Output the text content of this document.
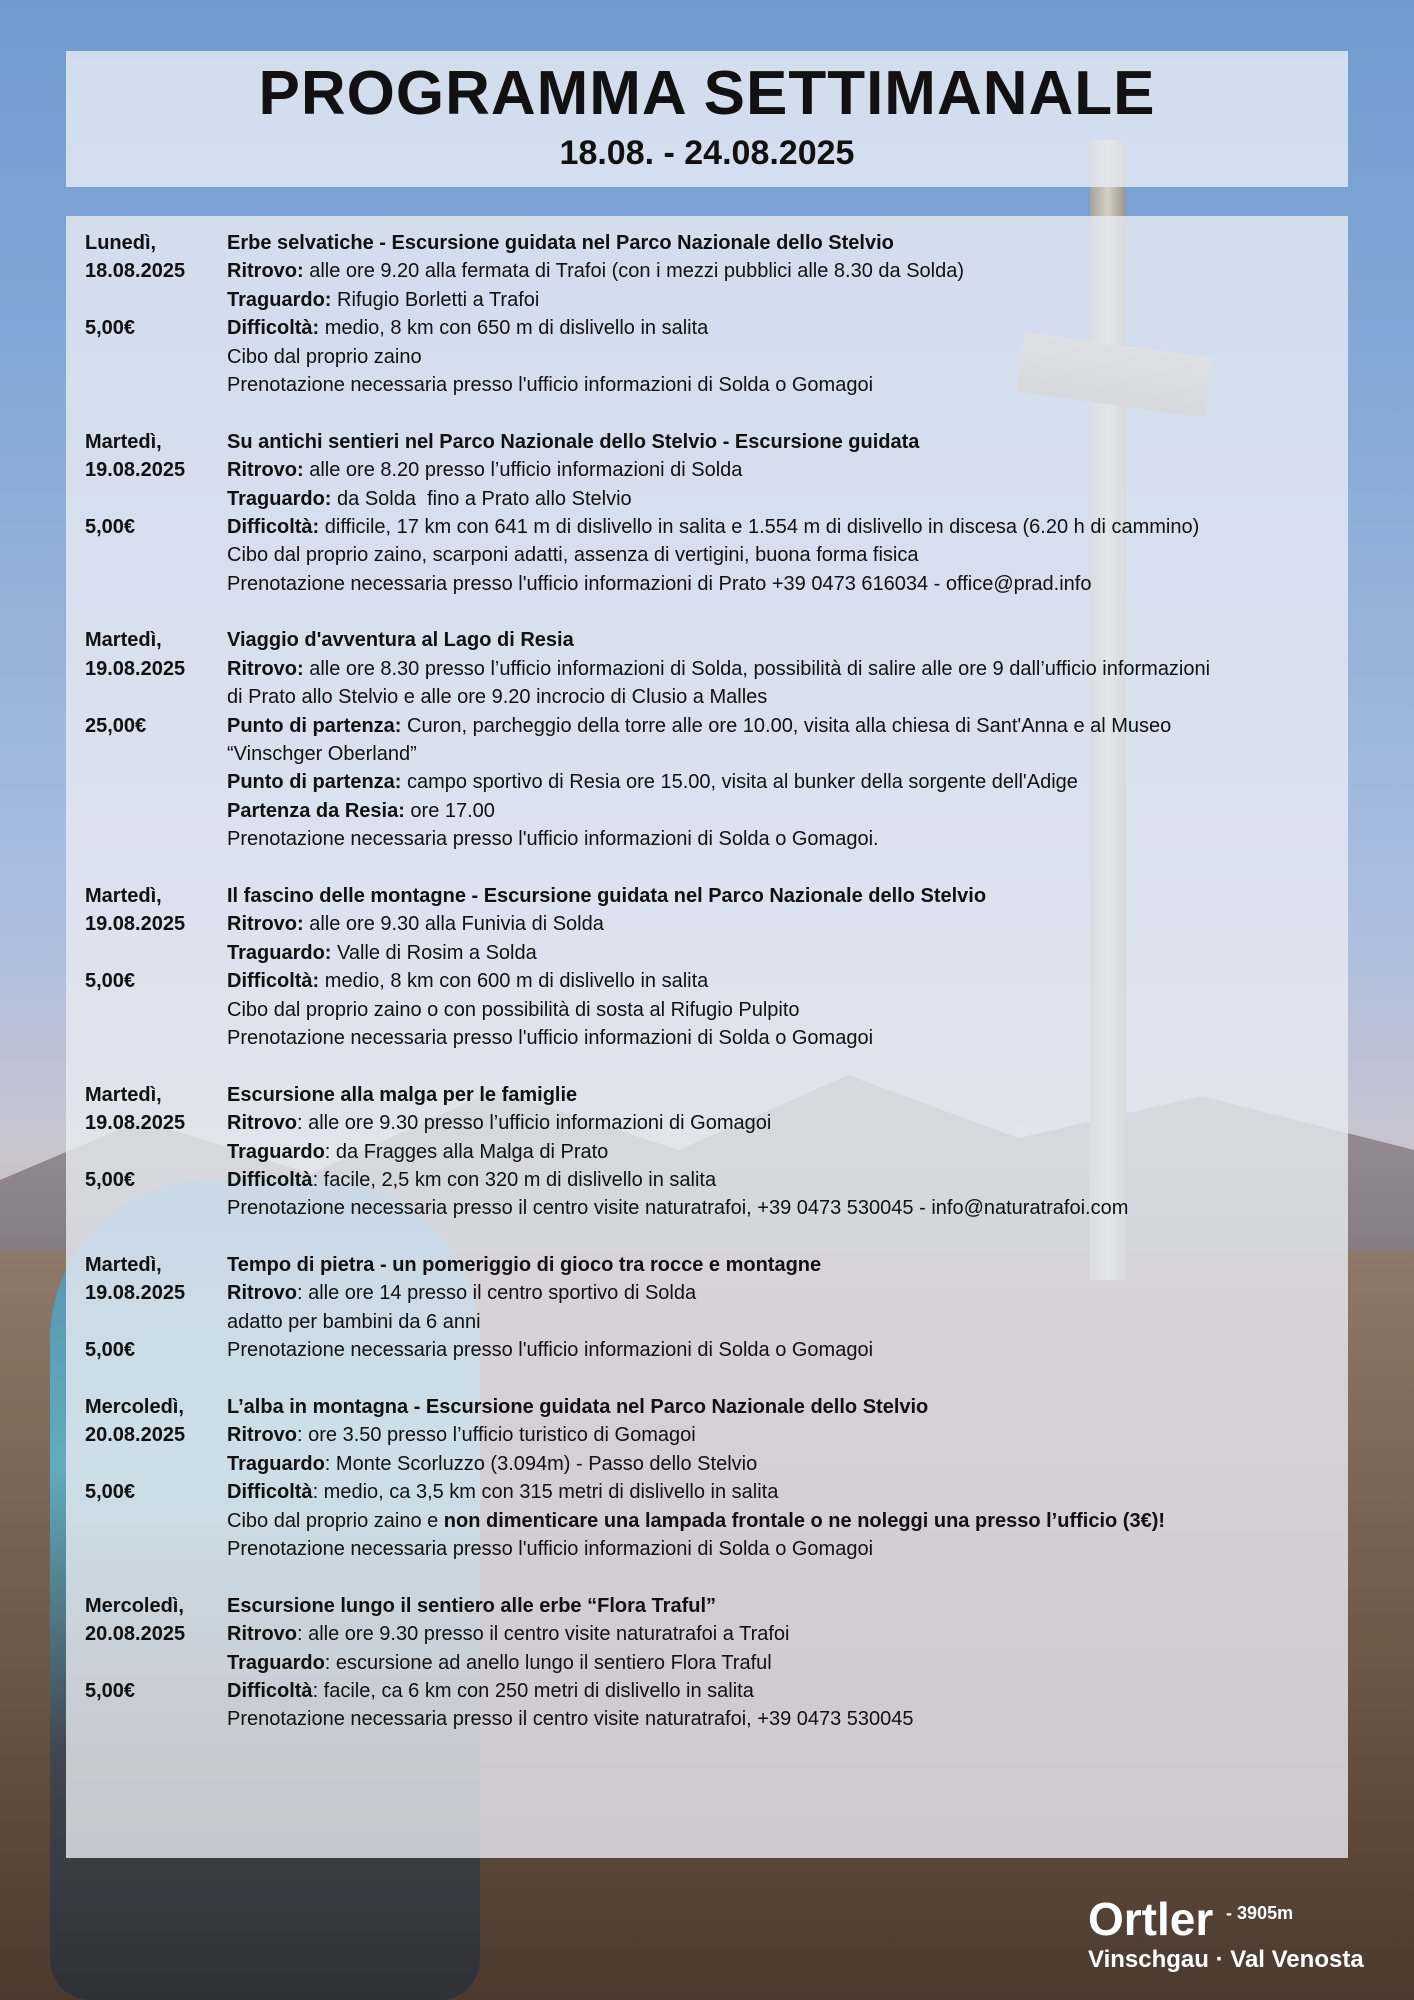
PROGRAMMA SETTIMANALE
18.08. - 24.08.2025
Lunedì,	Erbe selvatiche - Escursione guidata nel Parco Nazionale dello Stelvio
18.08.2025	Ritrovo: alle ore 9.20 alla fermata di Trafoi (con i mezzi pubblici alle 8.30 da Solda)
Traguardo: Rifugio Borletti a Trafoi
5,00€	Difficoltà: medio, 8 km con 650 m di dislivello in salita
Cibo dal proprio zaino
Prenotazione necessaria presso l'ufficio informazioni di Solda o Gomagoi
Martedì,	Su antichi sentieri nel Parco Nazionale dello Stelvio - Escursione guidata
19.08.2025	Ritrovo: alle ore 8.20 presso l’ufficio informazioni di Solda
Traguardo: da Solda  fino a Prato allo Stelvio
5,00€	Difficoltà: difficile, 17 km con 641 m di dislivello in salita e 1.554 m di dislivello in discesa (6.20 h di cammino)
Cibo dal proprio zaino, scarponi adatti, assenza di vertigini, buona forma fisica
Prenotazione necessaria presso l'ufficio informazioni di Prato +39 0473 616034 - office@prad.info
Martedì,	Viaggio d'avventura al Lago di Resia
19.08.2025	Ritrovo: alle ore 8.30 presso l’ufficio informazioni di Solda, possibilità di salire alle ore 9 dall’ufficio informazioni
di Prato allo Stelvio e alle ore 9.20 incrocio di Clusio a Malles
25,00€	Punto di partenza: Curon, parcheggio della torre alle ore 10.00, visita alla chiesa di Sant'Anna e al Museo
“Vinschger Oberland”
Punto di partenza: campo sportivo di Resia ore 15.00, visita al bunker della sorgente dell'Adige
Partenza da Resia: ore 17.00
Prenotazione necessaria presso l'ufficio informazioni di Solda o Gomagoi.
Martedì,	Il fascino delle montagne - Escursione guidata nel Parco Nazionale dello Stelvio
19.08.2025	Ritrovo: alle ore 9.30 alla Funivia di Solda
Traguardo: Valle di Rosim a Solda
5,00€	Difficoltà: medio, 8 km con 600 m di dislivello in salita
Cibo dal proprio zaino o con possibilità di sosta al Rifugio Pulpito
Prenotazione necessaria presso l'ufficio informazioni di Solda o Gomagoi
Martedì,	Escursione alla malga per le famiglie
19.08.2025	Ritrovo: alle ore 9.30 presso l’ufficio informazioni di Gomagoi
Traguardo: da Fragges alla Malga di Prato
5,00€	Difficoltà: facile, 2,5 km con 320 m di dislivello in salita
Prenotazione necessaria presso il centro visite naturatrafoi, +39 0473 530045 - info@naturatrafoi.com
Martedì,	Tempo di pietra - un pomeriggio di gioco tra rocce e montagne
19.08.2025	Ritrovo: alle ore 14 presso il centro sportivo di Solda
adatto per bambini da 6 anni
5,00€	Prenotazione necessaria presso l'ufficio informazioni di Solda o Gomagoi
Mercoledì,	L’alba in montagna - Escursione guidata nel Parco Nazionale dello Stelvio
20.08.2025	Ritrovo: ore 3.50 presso l’ufficio turistico di Gomagoi
Traguardo: Monte Scorluzzo (3.094m) - Passo dello Stelvio
5,00€	Difficoltà: medio, ca 3,5 km con 315 metri di dislivello in salita
Cibo dal proprio zaino e non dimenticare una lampada frontale o ne noleggi una presso l’ufficio (3€)!
Prenotazione necessaria presso l'ufficio informazioni di Solda o Gomagoi
Mercoledì,	Escursione lungo il sentiero alle erbe “Flora Traful”
20.08.2025	Ritrovo: alle ore 9.30 presso il centro visite naturatrafoi a Trafoi
Traguardo: escursione ad anello lungo il sentiero Flora Traful
5,00€	Difficoltà: facile, ca 6 km con 250 metri di dislivello in salita
Prenotazione necessaria presso il centro visite naturatrafoi, +39 0473 530045
Ortler $^{- 3905m}$
Vinschgau · Val Venosta
